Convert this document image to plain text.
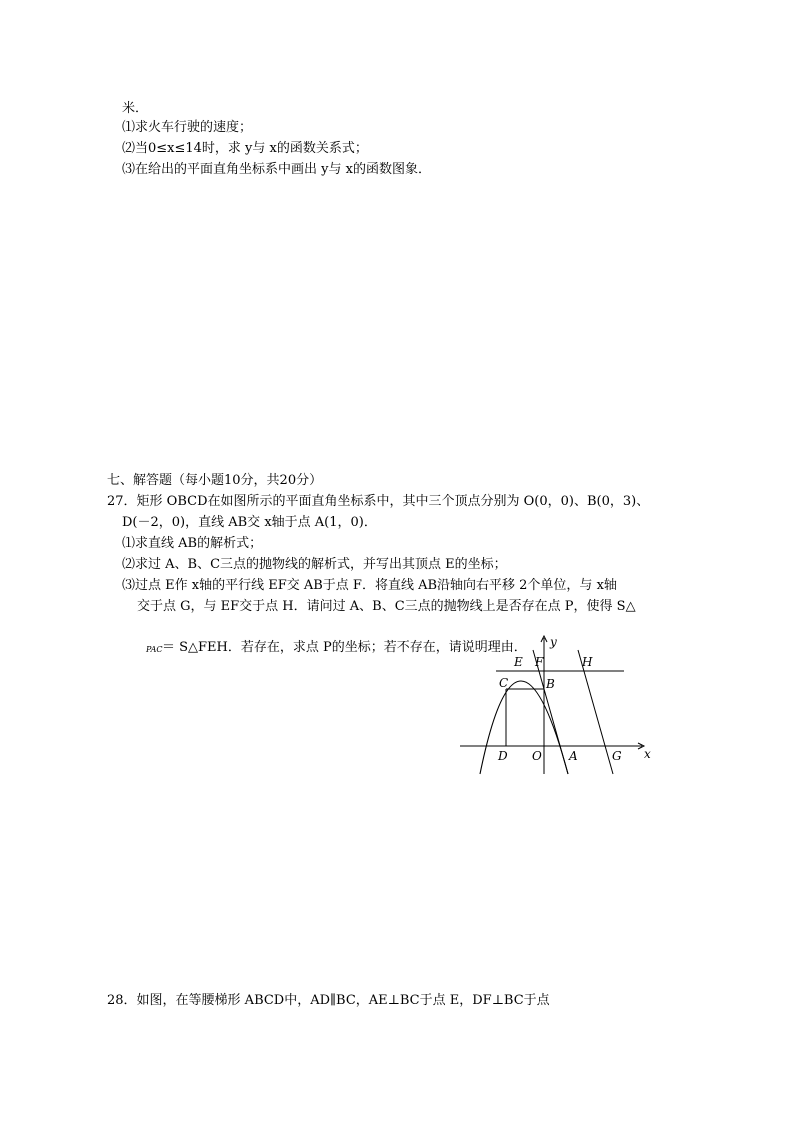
米．
⑴求火车行驶的速度；
⑵当0≤x≤14时，求 y与 x的函数关系式；
⑶在给出的平面直角坐标系中画出 y与 x的函数图象．
七、解答题（每小题10分，共20分）
27．矩形 OBCD在如图所示的平面直角坐标系中，其中三个顶点分别为 O(0，0)、B(0，3)、
D(－2，0)，直线 AB交 x轴于点 A(1，0)．
⑴求直线 AB的解析式；
⑵求过 A、B、C三点的抛物线的解析式，并写出其顶点 E的坐标；
⑶过点 E作 x轴的平行线 EF交 AB于点 F．将直线 AB沿轴向右平移 2个单位，与 x轴
交于点 G，与 EF交于点 H．请问过 A、B、C三点的抛物线上是否存在点 P，使得 S△
PAC ＝ S△FEH．若存在，求点 P的坐标；若不存在，请说明理由． y
x
E F	H
C	B
D O A	G
28．如图，在等腰梯形 ABCD中，AD∥BC，AE⊥BC于点 E，DF⊥BC于点
